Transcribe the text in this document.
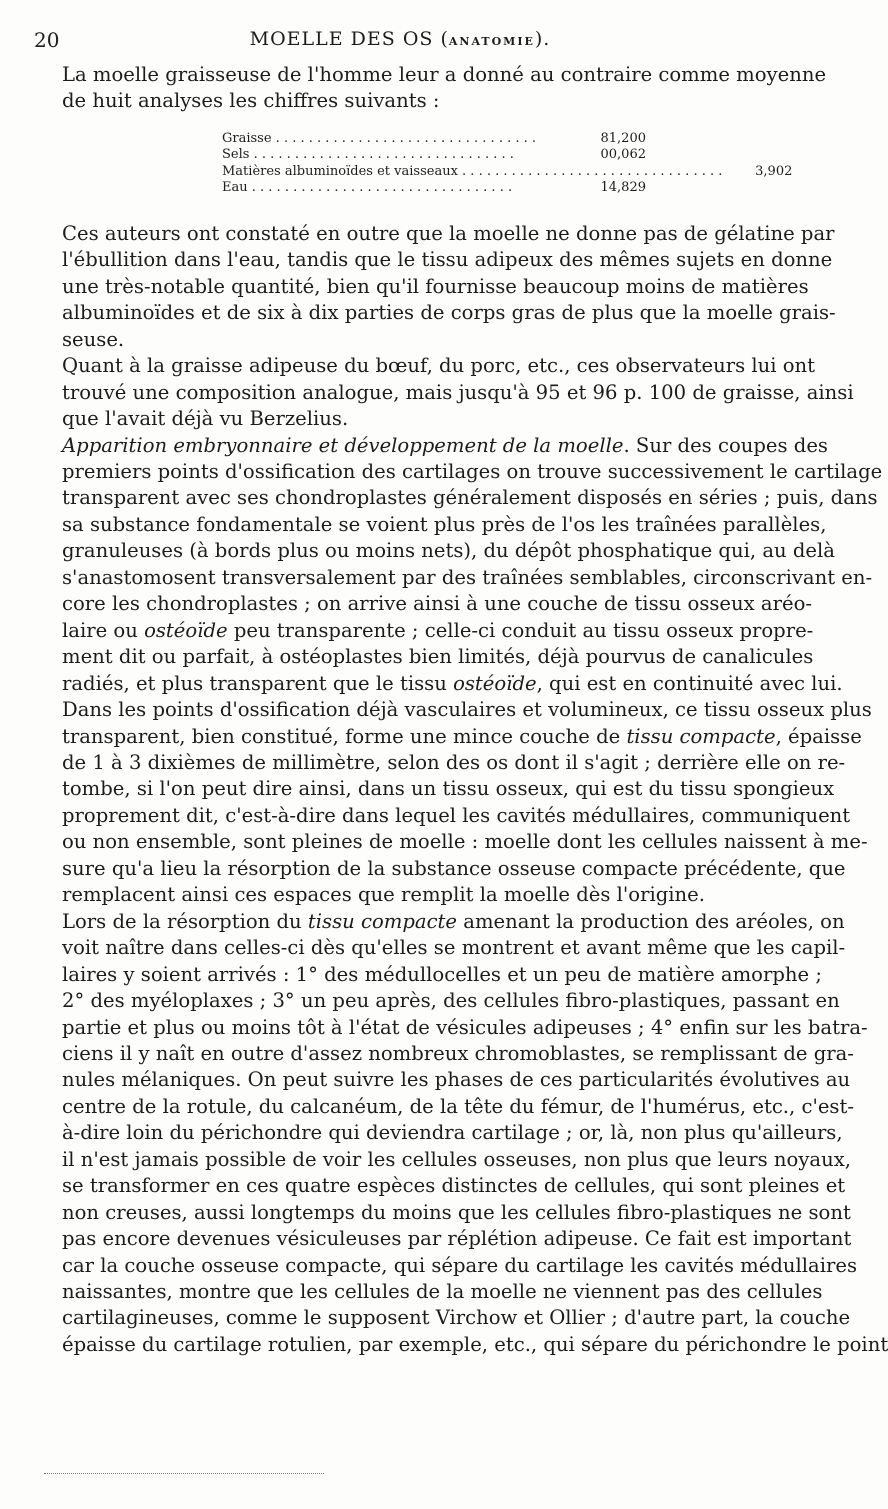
20	MOELLE DES OS (ANATOMIE).
La moelle graisseuse de l'homme leur a donné au contraire comme moyenne
de huit analyses les chiffres suivants :
Graisse . . .	81,200
Sels . . .	00,062
Matières albuminoïdes et vaisseaux . . .	3,902
Eau . . .	14,829
Ces auteurs ont constaté en outre que la moelle ne donne pas de gélatine par
l'ébullition dans l'eau, tandis que le tissu adipeux des mêmes sujets en donne
une très-notable quantité, bien qu'il fournisse beaucoup moins de matières
albuminoïdes et de six à dix parties de corps gras de plus que la moelle grais-
seuse.
Quant à la graisse adipeuse du bœuf, du porc, etc., ces observateurs lui ont
trouvé une composition analogue, mais jusqu'à 95 et 96 p. 100 de graisse, ainsi
que l'avait déjà vu Berzelius.
Apparition embryonnaire et développement de la moelle. Sur des coupes des
premiers points d'ossification des cartilages on trouve successivement le cartilage
transparent avec ses chondroplastes généralement disposés en séries ; puis, dans
sa substance fondamentale se voient plus près de l'os les traînées parallèles,
granuleuses (à bords plus ou moins nets), du dépôt phosphatique qui, au delà
s'anastomosent transversalement par des traînées semblables, circonscrivant en-
core les chondroplastes ; on arrive ainsi à une couche de tissu osseux aréo-
laire ou ostéoïde peu transparente ; celle-ci conduit au tissu osseux propre-
ment dit ou parfait, à ostéoplastes bien limités, déjà pourvus de canalicules
radiés, et plus transparent que le tissu ostéoïde, qui est en continuité avec lui.
Dans les points d'ossification déjà vasculaires et volumineux, ce tissu osseux plus
transparent, bien constitué, forme une mince couche de tissu compacte, épaisse
de 1 à 3 dixièmes de millimètre, selon des os dont il s'agit ; derrière elle on re-
tombe, si l'on peut dire ainsi, dans un tissu osseux, qui est du tissu spongieux
proprement dit, c'est-à-dire dans lequel les cavités médullaires, communiquent
ou non ensemble, sont pleines de moelle : moelle dont les cellules naissent à me-
sure qu'a lieu la résorption de la substance osseuse compacte précédente, que
remplacent ainsi ces espaces que remplit la moelle dès l'origine.
Lors de la résorption du tissu compacte amenant la production des aréoles, on
voit naître dans celles-ci dès qu'elles se montrent et avant même que les capil-
laires y soient arrivés : 1° des médullocelles et un peu de matière amorphe ;
2° des myéloplaxes ; 3° un peu après, des cellules fibro-plastiques, passant en
partie et plus ou moins tôt à l'état de vésicules adipeuses ; 4° enfin sur les batra-
ciens il y naît en outre d'assez nombreux chromoblastes, se remplissant de gra-
nules mélaniques. On peut suivre les phases de ces particularités évolutives au
centre de la rotule, du calcanéum, de la tête du fémur, de l'humérus, etc., c'est-
à-dire loin du périchondre qui deviendra cartilage ; or, là, non plus qu'ailleurs,
il n'est jamais possible de voir les cellules osseuses, non plus que leurs noyaux,
se transformer en ces quatre espèces distinctes de cellules, qui sont pleines et
non creuses, aussi longtemps du moins que les cellules fibro-plastiques ne sont
pas encore devenues vésiculeuses par réplétion adipeuse. Ce fait est important
car la couche osseuse compacte, qui sépare du cartilage les cavités médullaires
naissantes, montre que les cellules de la moelle ne viennent pas des cellules
cartilagineuses, comme le supposent Virchow et Ollier ; d'autre part, la couche
épaisse du cartilage rotulien, par exemple, etc., qui sépare du périchondre le point
